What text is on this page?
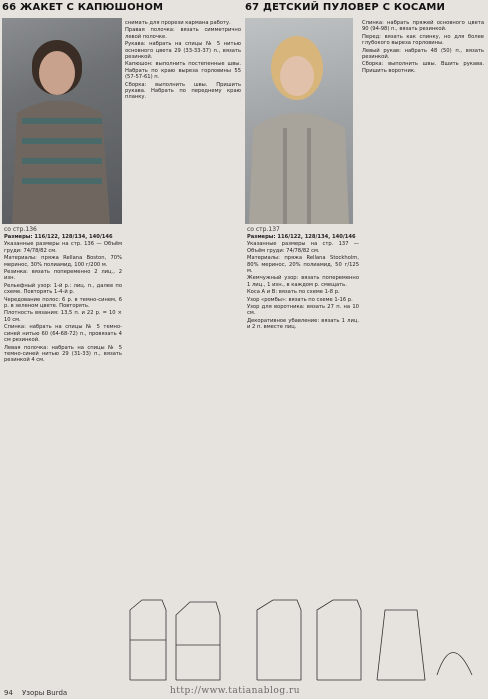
66 ЖАКЕТ С КАПЮШОНОМ
со стр.136

Размеры: 116/122, 128/134, 140/146

Указанные размеры на стр. 136 — Объём груди: 74/78/82 см.

Материалы: пряжа Rellana Boston, 70% меринос, 30% полиамид, 100 г/200 м.

Резинка: вязать попеременно 2 лиц., 2 изн.

Рельефный узор: 1-й р.: лиц. п., далее по схеме. Повторять 1-4-й р.

Чередование полос: 6 р. в темно-синем, 6 р. в зеленом цвете. Повторять.

Плотность вязания: 13,5 п. и 22 р. = 10 × 10 см.

Спинка: набрать на спицы № 5 темно-синей нитью 60 (64-68-72) п., провязать 4 см резинкой.

Левая полочка: набрать на спицы № 5 темно-синей нитью 29 (31-33) п., вязать резинкой 4 см.

снимать для прорези кармана работу.

Правая полочка: вязать симметрично левой полочке.

Рукава: набрать на спицы № 5 нитью основного цвета 29 (33-33-37) п., вязать резинкой.

Капюшон: выполнить постепенные швы. Набрать по краю выреза горловины 55 (57-57-61) п.

Сборка: выполнить швы. Пришить рукава. Набрать по переднему краю планку.

67 ДЕТСКИЙ ПУЛОВЕР С КОСАМИ
со стр.137

Размеры: 116/122, 128/134, 140/146

Указанные размеры на стр. 137 — Объём груди: 74/78/82 см.

Материалы: пряжа Rellana Stockholm, 80% меринос, 20% полиамид, 50 г/125 м.

Жемчужный узор: вязать попеременно 1 лиц., 1 изн., в каждом р. смещать.

Коса А и В: вязать по схеме 1-8 р.

Узор «ромбы»: вязать по схеме 1-16 р.

Узор для воротника: вязать 27 п. на 10 см.

Декоративное убавление: вязать 1 лиц. и 2 п. вместе лиц.

Спинка: набрать пряжей основного цвета 90 (94-98) п., вязать резинкой.

Перед: вязать как спинку, но для более глубокого выреза горловины.

Левый рукав: набрать 48 (50) п., вязать резинкой.

Сборка: выполнить швы. Вшить рукава. Пришить воротник.

94 Узоры Burda	http://www.tatianablog.ru
